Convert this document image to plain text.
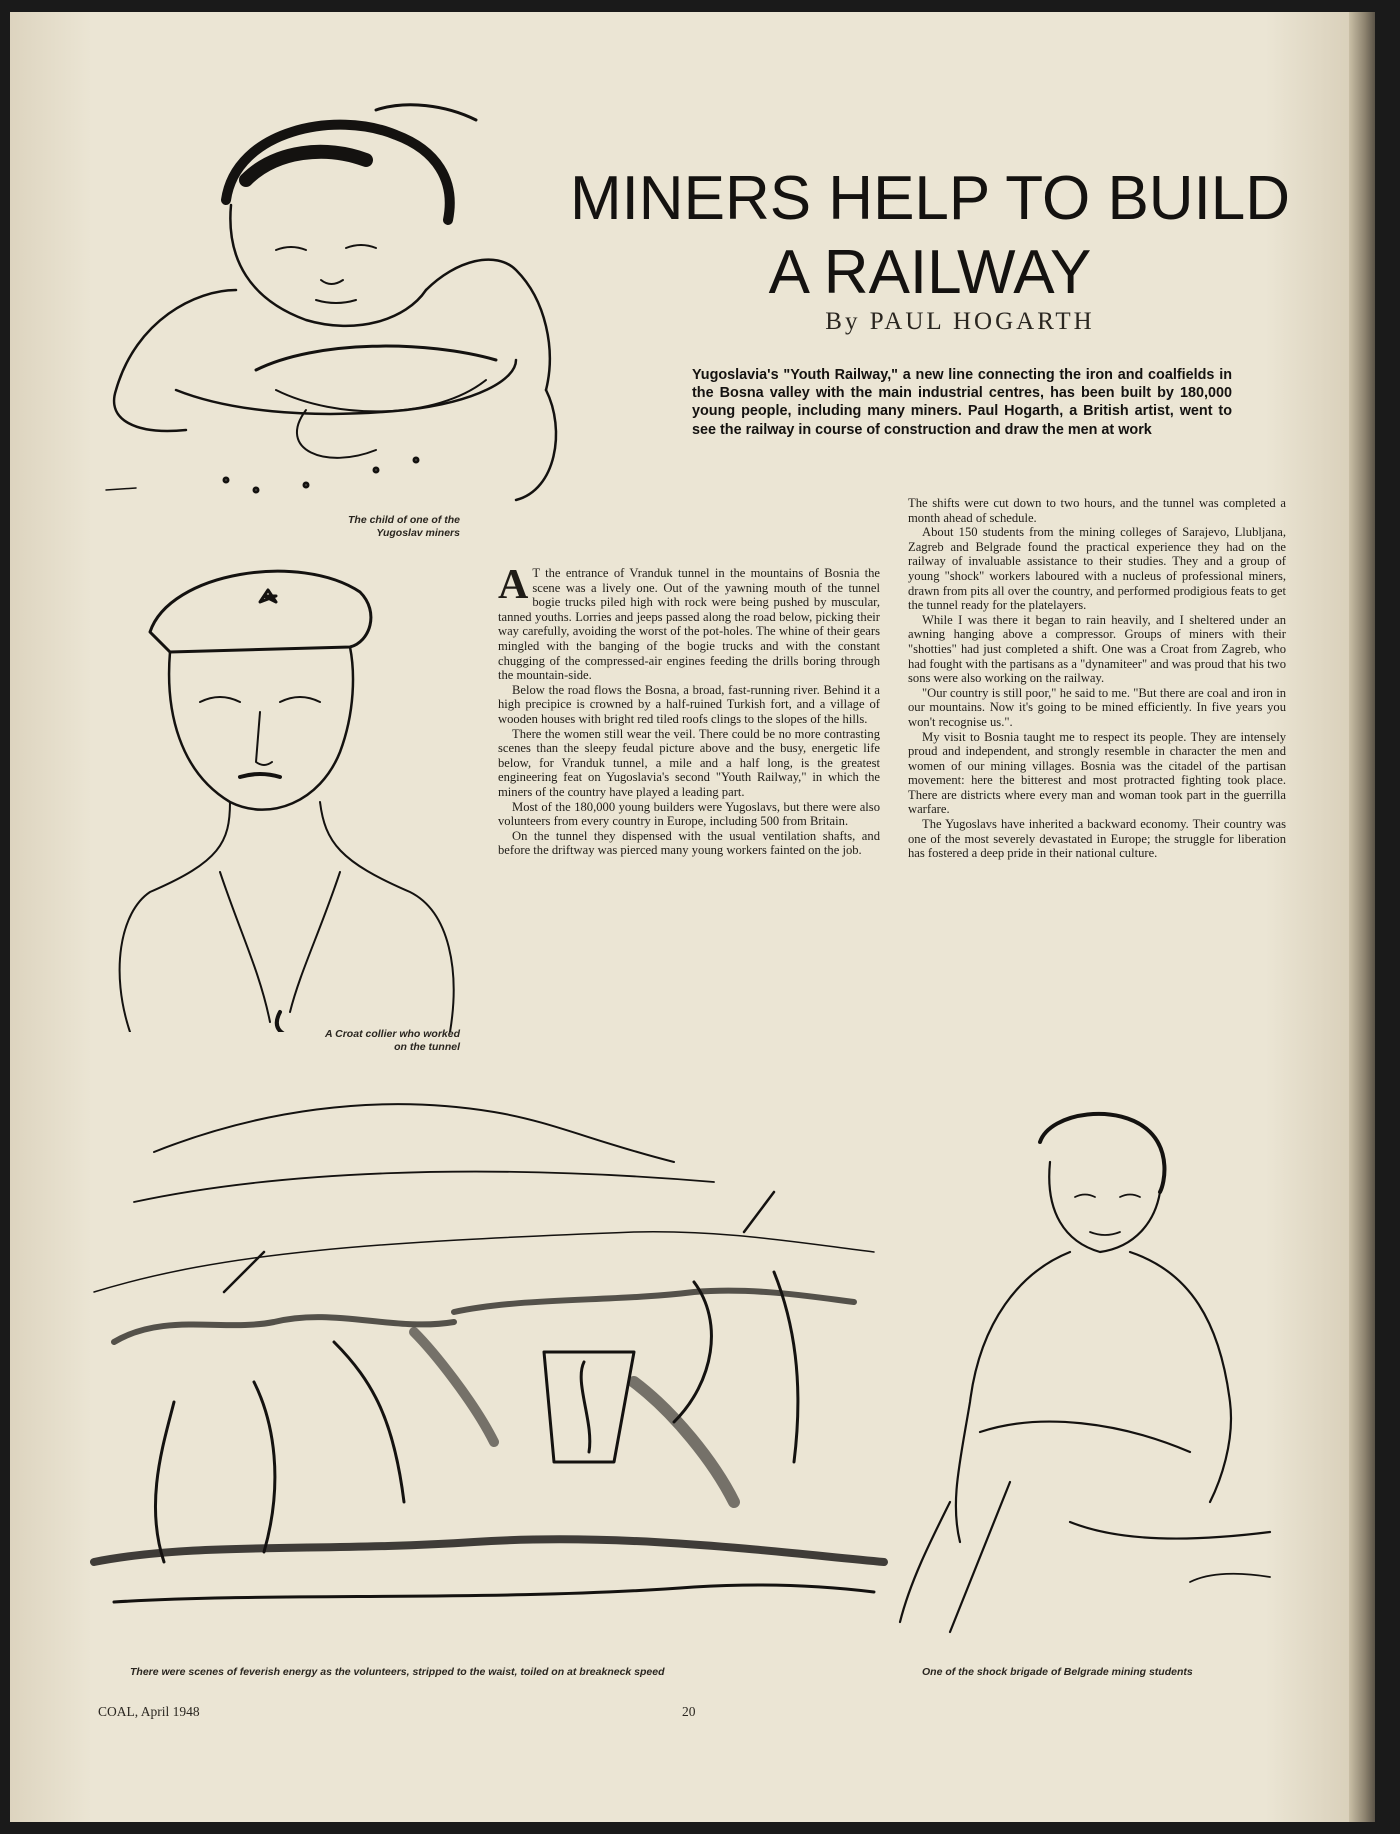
The child of one of the Yugoslav miners
MINERS HELP TO BUILD
A RAILWAY
By PAUL HOGARTH
Yugoslavia's "Youth Railway," a new line connecting the iron and coalfields in the Bosna valley with the main industrial centres, has been built by 180,000 young people, including many miners. Paul Hogarth, a British artist, went to see the railway in course of construction and draw the men at work
A Croat collier who worked on the tunnel

A T the entrance of Vranduk tunnel in the mountains of Bosnia the scene was a lively one. Out of the yawning mouth of the tunnel bogie trucks piled high with rock were being pushed by muscular, tanned youths. Lorries and jeeps passed along the road below, picking their way carefully, avoiding the worst of the pot-holes. The whine of their gears mingled with the banging of the bogie trucks and with the constant chugging of the compressed-air engines feeding the drills boring through the mountain-side.

Below the road flows the Bosna, a broad, fast-running river. Behind it a high precipice is crowned by a half-ruined Turkish fort, and a village of wooden houses with bright red tiled roofs clings to the slopes of the hills.

There the women still wear the veil. There could be no more contrasting scenes than the sleepy feudal picture above and the busy, energetic life below, for Vranduk tunnel, a mile and a half long, is the greatest engineering feat on Yugoslavia's second "Youth Railway," in which the miners of the country have played a leading part.

Most of the 180,000 young builders were Yugoslavs, but there were also volunteers from every country in Europe, including 500 from Britain.

On the tunnel they dispensed with the usual ventilation shafts, and before the driftway was pierced many young workers fainted on the job.

The shifts were cut down to two hours, and the tunnel was completed a month ahead of schedule.

About 150 students from the mining colleges of Sarajevo, Llubljana, Zagreb and Belgrade found the practical experience they had on the railway of invaluable assistance to their studies. They and a group of young "shock" workers laboured with a nucleus of professional miners, drawn from pits all over the country, and performed prodigious feats to get the tunnel ready for the platelayers.

While I was there it began to rain heavily, and I sheltered under an awning hanging above a compressor. Groups of miners with their "shotties" had just completed a shift. One was a Croat from Zagreb, who had fought with the partisans as a "dynamiteer" and was proud that his two sons were also working on the railway.

"Our country is still poor," he said to me. "But there are coal and iron in our mountains. Now it's going to be mined efficiently. In five years you won't recognise us.".

My visit to Bosnia taught me to respect its people. They are intensely proud and independent, and strongly resemble in character the men and women of our mining villages. Bosnia was the citadel of the partisan movement: here the bitterest and most protracted fighting took place. There are districts where every man and woman took part in the guerrilla warfare.

The Yugoslavs have inherited a backward economy. Their country was one of the most severely devastated in Europe; the struggle for liberation has fostered a deep pride in their national culture.

There were scenes of feverish energy as the volunteers, stripped to the waist, toiled on at breakneck speed	One of the shock brigade of Belgrade mining students
COAL, April 1948	20
